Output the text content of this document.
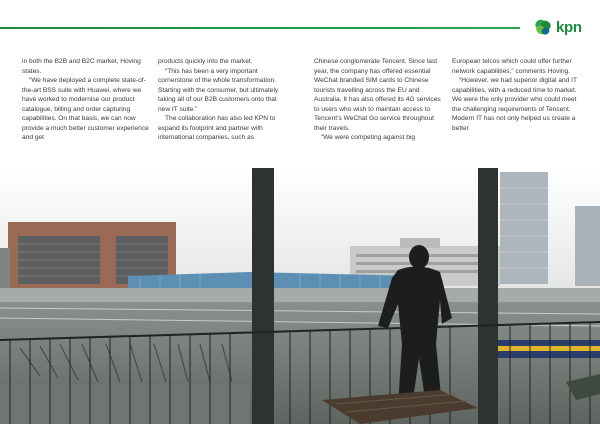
kpn

in both the B2B and B2C market, Hoving states.

“We have deployed a complete state-of-the-art BSS suite with Huawei, where we have worked to modernise our product catalogue, billing and order capturing capabilities. On that basis, we can now provide a much better customer experience and get

products quickly into the market.

“This has been a very important cornerstone of the whole transformation. Starting with the consumer, but ultimately taking all of our B2B customers onto that new IT suite.”

The collaboration has also led KPN to expand its footprint and partner with international companies, such as

Chinese conglomerate Tencent. Since last year, the company has offered essential WeChat branded SIM cards to Chinese tourists travelling across the EU and Australia. It has also offered its 4G services to users who wish to maintain access to Tencent’s WeChat Go service throughout their travels.

“We were competing against big

European telcos which could offer further network capabilities,” comments Hoving.

“However, we had superior digital and IT capabilities, with a reduced time to market. We were the only provider who could meet the challenging requirements of Tencent. Modern IT has not only helped us create a better
